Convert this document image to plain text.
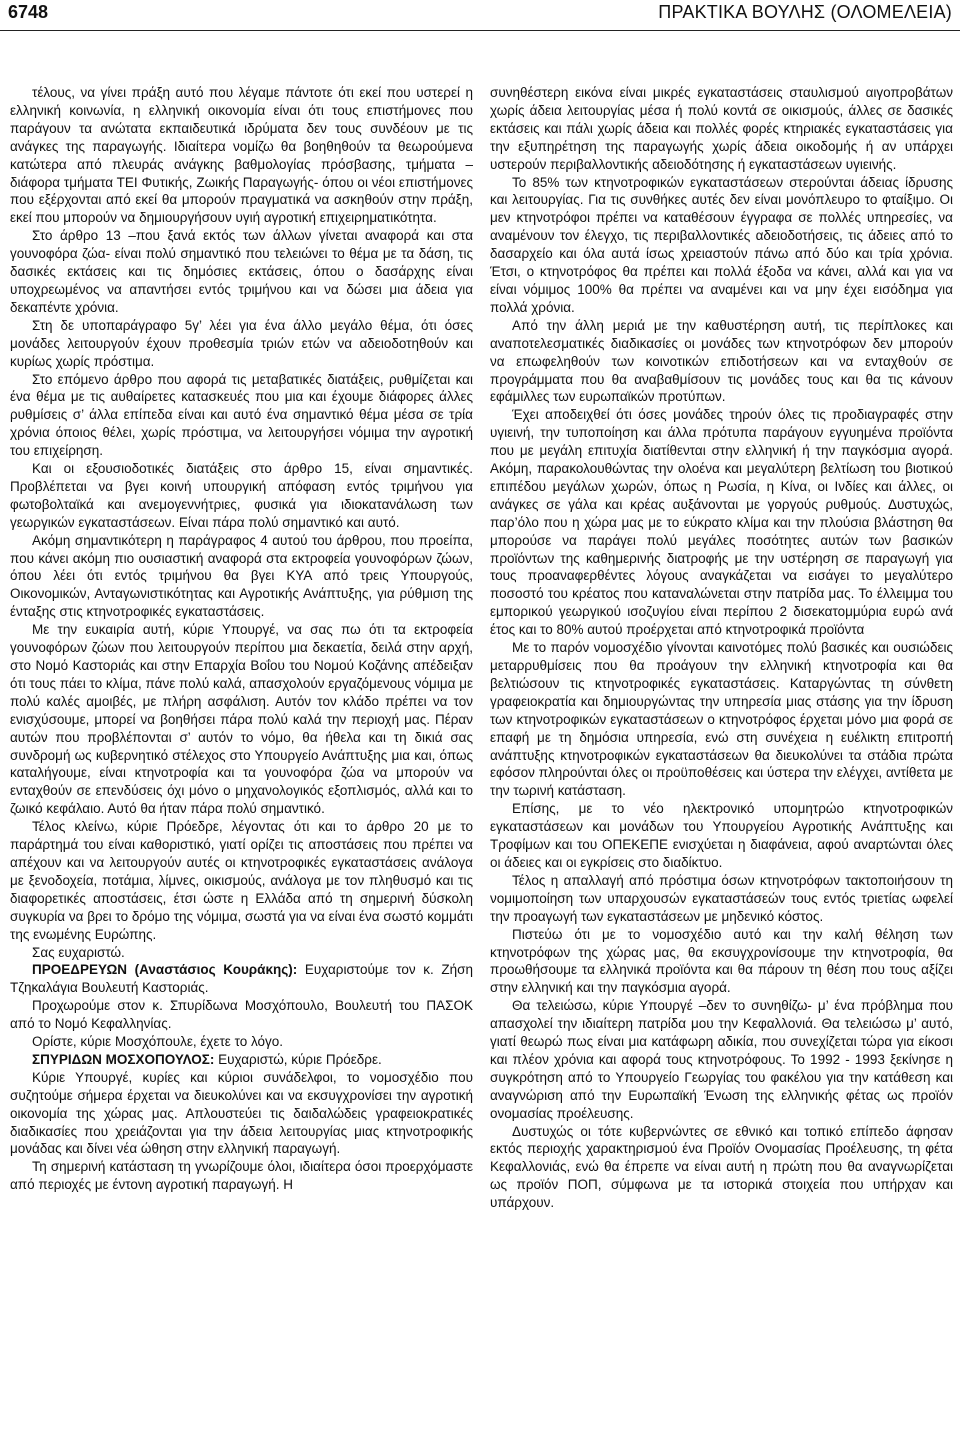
6748	ΠΡΑΚΤΙΚΑ ΒΟΥΛΗΣ (ΟΛΟΜΕΛΕΙΑ)

τέλους, να γίνει πράξη αυτό που λέγαμε πάντοτε ότι εκεί που υστερεί η ελληνική κοινωνία, η ελληνική οικονομία είναι ότι τους επιστήμονες που παράγουν τα ανώτατα εκπαιδευτικά ιδρύματα δεν τους συνδέουν με τις ανάγκες της παραγωγής. Ιδιαίτερα νομίζω θα βοηθηθούν τα θεωρούμενα κατώτερα από πλευράς ανάγκης βαθμολογίας πρόσβασης, τμήματα –διάφορα τμήματα ΤΕΙ Φυτικής, Ζωικής Παραγωγής- όπου οι νέοι επιστήμονες που εξέρχονται από εκεί θα μπορούν πραγματικά να ασκηθούν στην πράξη, εκεί που μπορούν να δημιουργήσουν υγιή αγροτική επιχειρηματικότητα.

Στο άρθρο 13 –που ξανά εκτός των άλλων γίνεται αναφορά και στα γουνοφόρα ζώα- είναι πολύ σημαντικό που τελειώνει το θέμα με τα δάση, τις δασικές εκτάσεις και τις δημόσιες εκτάσεις, όπου ο δασάρχης είναι υποχρεωμένος να απαντήσει εντός τριμήνου και να δώσει μια άδεια για δεκαπέντε χρόνια.

Στη δε υποπαράγραφο 5γ’ λέει για ένα άλλο μεγάλο θέμα, ότι όσες μονάδες λειτουργούν έχουν προθεσμία τριών ετών να αδειοδοτηθούν και κυρίως χωρίς πρόστιμα.

Στο επόμενο άρθρο που αφορά τις μεταβατικές διατάξεις, ρυθμίζεται και ένα θέμα με τις αυθαίρετες κατασκευές που μια και έχουμε διάφορες άλλες ρυθμίσεις σ’ άλλα επίπεδα είναι και αυτό ένα σημαντικό θέμα μέσα σε τρία χρόνια όποιος θέλει, χωρίς πρόστιμα, να λειτουργήσει νόμιμα την αγροτική του επιχείρηση.

Και οι εξουσιοδοτικές διατάξεις στο άρθρο 15, είναι σημαντικές. Προβλέπεται να βγει κοινή υπουργική απόφαση εντός τριμήνου για φωτοβολταϊκά και ανεμογεννήτριες, φυσικά για ιδιοκατανάλωση των γεωργικών εγκαταστάσεων. Είναι πάρα πολύ σημαντικό και αυτό.

Ακόμη σημαντικότερη η παράγραφος 4 αυτού του άρθρου, που προείπα, που κάνει ακόμη πιο ουσιαστική αναφορά στα εκτροφεία γουνοφόρων ζώων, όπου λέει ότι εντός τριμήνου θα βγει ΚΥΑ από τρεις Υπουργούς, Οικονομικών, Ανταγωνιστικότητας και Αγροτικής Ανάπτυξης, για ρύθμιση της ένταξης στις κτηνοτροφικές εγκαταστάσεις.

Με την ευκαιρία αυτή, κύριε Υπουργέ, να σας πω ότι τα εκτροφεία γουνοφόρων ζώων που λειτουργούν περίπου μια δεκαετία, δειλά στην αρχή, στο Νομό Καστοριάς και στην Επαρχία Βοΐου του Νομού Κοζάνης απέδειξαν ότι τους πάει το κλίμα, πάνε πολύ καλά, απασχολούν εργαζόμενους νόμιμα με πολύ καλές αμοιβές, με πλήρη ασφάλιση. Αυτόν τον κλάδο πρέπει να τον ενισχύσουμε, μπορεί να βοηθήσει πάρα πολύ καλά την περιοχή μας. Πέραν αυτών που προβλέπονται σ’ αυτόν το νόμο, θα ήθελα και τη δικιά σας συνδρομή ως κυβερνητικό στέλεχος στο Υπουργείο Ανάπτυξης μια και, όπως καταλήγουμε, είναι κτηνοτροφία και τα γουνοφόρα ζώα να μπορούν να ενταχθούν σε επενδύσεις όχι μόνο ο μηχανολογικός εξοπλισμός, αλλά και το ζωικό κεφάλαιο. Αυτό θα ήταν πάρα πολύ σημαντικό.

Τέλος κλείνω, κύριε Πρόεδρε, λέγοντας ότι και το άρθρο 20 με το παράρτημά του είναι καθοριστικό, γιατί ορίζει τις αποστάσεις που πρέπει να απέχουν και να λειτουργούν αυτές οι κτηνοτροφικές εγκαταστάσεις ανάλογα με ξενοδοχεία, ποτάμια, λίμνες, οικισμούς, ανάλογα με τον πληθυσμό και τις διαφορετικές αποστάσεις, έτσι ώστε η Ελλάδα από τη σημερινή δύσκολη συγκυρία να βρει το δρόμο της νόμιμα, σωστά για να είναι ένα σωστό κομμάτι της ενωμένης Ευρώπης.

Σας ευχαριστώ.

ΠΡΟΕΔΡΕΥΩΝ (Αναστάσιος Κουράκης): Ευχαριστούμε τον κ. Ζήση Τζηκαλάγια Βουλευτή Καστοριάς.

Προχωρούμε στον κ. Σπυρίδωνα Μοσχόπουλο, Βουλευτή του ΠΑΣΟΚ από το Νομό Κεφαλληνίας.

Ορίστε, κύριε Μοσχόπουλε, έχετε το λόγο.

ΣΠΥΡΙΔΩΝ ΜΟΣΧΟΠΟΥΛΟΣ: Ευχαριστώ, κύριε Πρόεδρε.

Κύριε Υπουργέ, κυρίες και κύριοι συνάδελφοι, το νομοσχέδιο που συζητούμε σήμερα έρχεται να διευκολύνει και να εκσυγχρονίσει την αγροτική οικονομία της χώρας μας. Απλουστεύει τις δαιδαλώδεις γραφειοκρατικές διαδικασίες που χρειάζονται για την άδεια λειτουργίας μιας κτηνοτροφικής μονάδας και δίνει νέα ώθηση στην ελληνική παραγωγή.

Τη σημερινή κατάσταση τη γνωρίζουμε όλοι, ιδιαίτερα όσοι προερχόμαστε από περιοχές με έντονη αγροτική παραγωγή. Η

συνηθέστερη εικόνα είναι μικρές εγκαταστάσεις σταυλισμού αιγοπροβάτων χωρίς άδεια λειτουργίας μέσα ή πολύ κοντά σε οικισμούς, άλλες σε δασικές εκτάσεις και πάλι χωρίς άδεια και πολλές φορές κτηριακές εγκαταστάσεις για την εξυπηρέτηση της παραγωγής χωρίς άδεια οικοδομής ή αν υπάρχει υστερούν περιβαλλοντικής αδειοδότησης ή εγκαταστάσεων υγιεινής.

Το 85% των κτηνοτροφικών εγκαταστάσεων στερούνται άδειας ίδρυσης και λειτουργίας. Για τις συνθήκες αυτές δεν είναι μονόπλευρο το φταίξιμο. Οι μεν κτηνοτρόφοι πρέπει να καταθέσουν έγγραφα σε πολλές υπηρεσίες, να αναμένουν τον έλεγχο, τις περιβαλλοντικές αδειοδοτήσεις, τις άδειες από το δασαρχείο και όλα αυτά ίσως χρειαστούν πάνω από δύο και τρία χρόνια. Έτσι, ο κτηνοτρόφος θα πρέπει και πολλά έξοδα να κάνει, αλλά και για να είναι νόμιμος 100% θα πρέπει να αναμένει και να μην έχει εισόδημα για πολλά χρόνια.

Από την άλλη μεριά με την καθυστέρηση αυτή, τις περίπλοκες και αναποτελεσματικές διαδικασίες οι μονάδες των κτηνοτρόφων δεν μπορούν να επωφεληθούν των κοινοτικών επιδοτήσεων και να ενταχθούν σε προγράμματα που θα αναβαθμίσουν τις μονάδες τους και θα τις κάνουν εφάμιλλες των ευρωπαϊκών προτύπων.

Έχει αποδειχθεί ότι όσες μονάδες τηρούν όλες τις προδιαγραφές στην υγιεινή, την τυποποίηση και άλλα πρότυπα παράγουν εγγυημένα προϊόντα που με μεγάλη επιτυχία διατίθενται στην ελληνική ή την παγκόσμια αγορά. Ακόμη, παρακολουθώντας την ολοένα και μεγαλύτερη βελτίωση του βιοτικού επιπέδου μεγάλων χωρών, όπως η Ρωσία, η Κίνα, οι Ινδίες και άλλες, οι ανάγκες σε γάλα και κρέας αυξάνονται με γοργούς ρυθμούς. Δυστυχώς, παρ’όλο που η χώρα μας με το εύκρατο κλίμα και την πλούσια βλάστηση θα μπορούσε να παράγει πολύ μεγάλες ποσότητες αυτών των βασικών προϊόντων της καθημερινής διατροφής με την υστέρηση σε παραγωγή για τους προαναφερθέντες λόγους αναγκάζεται να εισάγει το μεγαλύτερο ποσοστό του κρέατος που καταναλώνεται στην πατρίδα μας. Το έλλειμμα του εμπορικού γεωργικού ισοζυγίου είναι περίπου 2 δισεκατομμύρια ευρώ ανά έτος και το 80% αυτού προέρχεται από κτηνοτροφικά προϊόντα

Με το παρόν νομοσχέδιο γίνονται καινοτόμες πολύ βασικές και ουσιώδεις μεταρρυθμίσεις που θα προάγουν την ελληνική κτηνοτροφία και θα βελτιώσουν τις κτηνοτροφικές εγκαταστάσεις. Καταργώντας τη σύνθετη γραφειοκρατία και δημιουργώντας την υπηρεσία μιας στάσης για την ίδρυση των κτηνοτροφικών εγκαταστάσεων ο κτηνοτρόφος έρχεται μόνο μια φορά σε επαφή με τη δημόσια υπηρεσία, ενώ στη συνέχεια η ευέλικτη επιτροπή ανάπτυξης κτηνοτροφικών εγκαταστάσεων θα διευκολύνει τα στάδια πρώτα εφόσον πληρούνται όλες οι προϋποθέσεις και ύστερα την ελέγχει, αντίθετα με την τωρινή κατάσταση.

Επίσης, με το νέο ηλεκτρονικό υπομητρώο κτηνοτροφικών εγκαταστάσεων και μονάδων του Υπουργείου Αγροτικής Ανάπτυξης και Τροφίμων και του ΟΠΕΚΕΠΕ ενισχύεται η διαφάνεια, αφού αναρτώνται όλες οι άδειες και οι εγκρίσεις στο διαδίκτυο.

Τέλος η απαλλαγή από πρόστιμα όσων κτηνοτρόφων τακτοποιήσουν τη νομιμοποίηση των υπαρχουσών εγκαταστάσεών τους εντός τριετίας ωφελεί την προαγωγή των εγκαταστάσεων με μηδενικό κόστος.

Πιστεύω ότι με το νομοσχέδιο αυτό και την καλή θέληση των κτηνοτρόφων της χώρας μας, θα εκσυγχρονίσουμε την κτηνοτροφία, θα προωθήσουμε τα ελληνικά προϊόντα και θα πάρουν τη θέση που τους αξίζει στην ελληνική και την παγκόσμια αγορά.

Θα τελειώσω, κύριε Υπουργέ –δεν το συνηθίζω- μ’ ένα πρόβλημα που απασχολεί την ιδιαίτερη πατρίδα μου την Κεφαλλονιά. Θα τελειώσω μ’ αυτό, γιατί θεωρώ πως είναι μια κατάφωρη αδικία, που συνεχίζεται τώρα για είκοσι και πλέον χρόνια και αφορά τους κτηνοτρόφους. Το 1992 - 1993 ξεκίνησε η συγκρότηση από το Υπουργείο Γεωργίας του φακέλου για την κατάθεση και αναγνώριση από την Ευρωπαϊκή Ένωση της ελληνικής φέτας ως προϊόν ονομασίας προέλευσης.

Δυστυχώς οι τότε κυβερνώντες σε εθνικό και τοπικό επίπεδο άφησαν εκτός περιοχής χαρακτηρισμού ένα Προϊόν Ονομασίας Προέλευσης, τη φέτα Κεφαλλονιάς, ενώ θα έπρεπε να είναι αυτή η πρώτη που θα αναγνωρίζεται ως προϊόν ΠΟΠ, σύμφωνα με τα ιστορικά στοιχεία που υπήρχαν και υπάρχουν.
